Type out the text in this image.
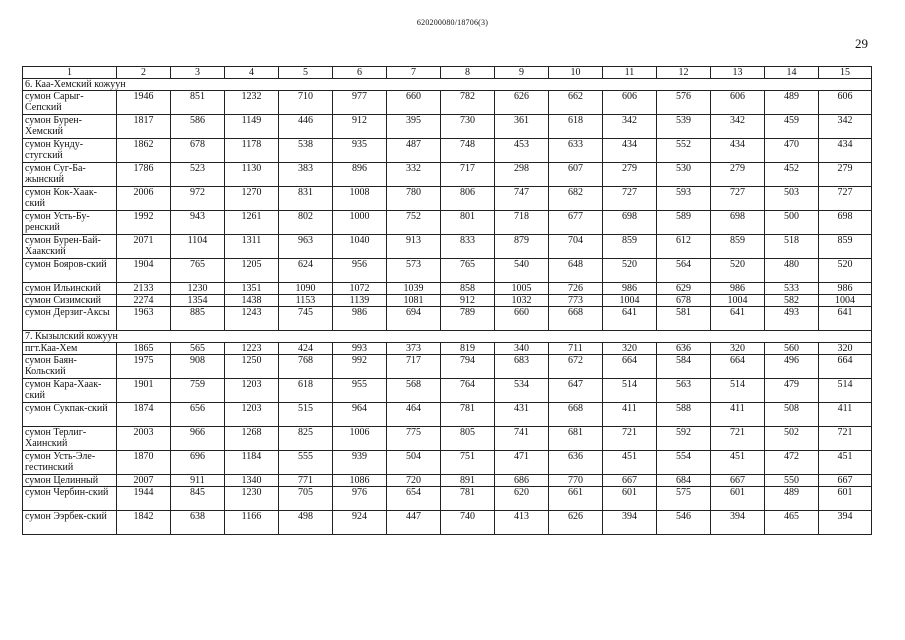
620200080/18706(3)
29
1	2	3	4	5	6	7	8	9	10	11	12	13	14	15
6. Каа-Хемский кожуун														
сумон Сарыг-Сепский	1946	851	1232	710	977	660	782	626	662	606	576	606	489	606
сумон Бурен-Хемский	1817	586	1149	446	912	395	730	361	618	342	539	342	459	342
сумон Кунду-стугский	1862	678	1178	538	935	487	748	453	633	434	552	434	470	434
сумон Суг-Ба-жынский	1786	523	1130	383	896	332	717	298	607	279	530	279	452	279
сумон Кок-Хаак-ский	2006	972	1270	831	1008	780	806	747	682	727	593	727	503	727
сумон Усть-Бу-ренский	1992	943	1261	802	1000	752	801	718	677	698	589	698	500	698
сумон Бурен-Бай-Хаакский	2071	1104	1311	963	1040	913	833	879	704	859	612	859	518	859
сумон Бояров-ский	1904	765	1205	624	956	573	765	540	648	520	564	520	480	520
сумон Ильинский	2133	1230	1351	1090	1072	1039	858	1005	726	986	629	986	533	986
сумон Сизимский	2274	1354	1438	1153	1139	1081	912	1032	773	1004	678	1004	582	1004
сумон Дерзиг-Аксы	1963	885	1243	745	986	694	789	660	668	641	581	641	493	641
7. Кызылский кожуун														
пгт.Каа-Хем	1865	565	1223	424	993	373	819	340	711	320	636	320	560	320
сумон Баян-Кольский	1975	908	1250	768	992	717	794	683	672	664	584	664	496	664
сумон Кара-Хаак-ский	1901	759	1203	618	955	568	764	534	647	514	563	514	479	514
сумон Сукпак-ский	1874	656	1203	515	964	464	781	431	668	411	588	411	508	411
сумон Терлиг-Хаинский	2003	966	1268	825	1006	775	805	741	681	721	592	721	502	721
сумон Усть-Эле-гестинский	1870	696	1184	555	939	504	751	471	636	451	554	451	472	451
сумон Целинный	2007	911	1340	771	1086	720	891	686	770	667	684	667	550	667
сумон Чербин-ский	1944	845	1230	705	976	654	781	620	661	601	575	601	489	601
сумон Ээрбек-ский	1842	638	1166	498	924	447	740	413	626	394	546	394	465	394
